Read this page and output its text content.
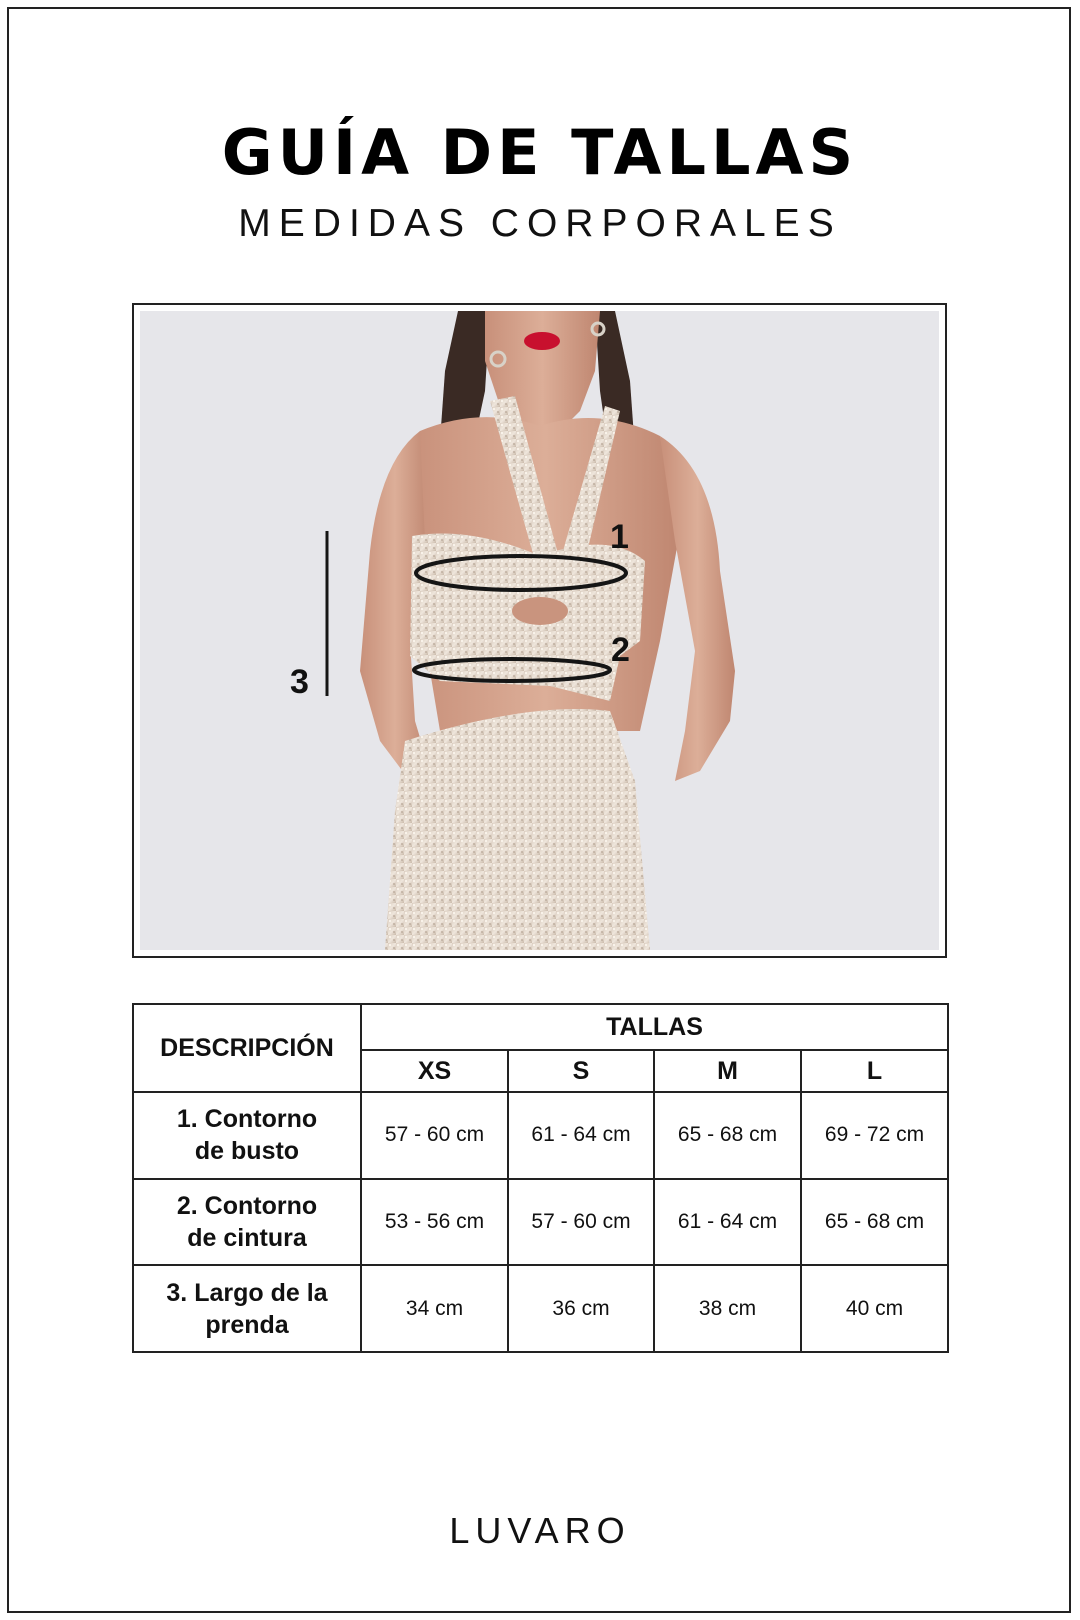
GUÍA DE TALLAS
MEDIDAS CORPORALES
1
2
3
DESCRIPCIÓN	TALLAS			
	XS	S	M	L

1. Contorno
de busto	57 - 60 cm	61 - 64 cm	65 - 68 cm	69 - 72 cm

2. Contorno
de cintura	53 - 56 cm	57 - 60 cm	61 - 64 cm	65 - 68 cm

3. Largo de la
prenda	34 cm	36 cm	38 cm	40 cm
LUVARO
